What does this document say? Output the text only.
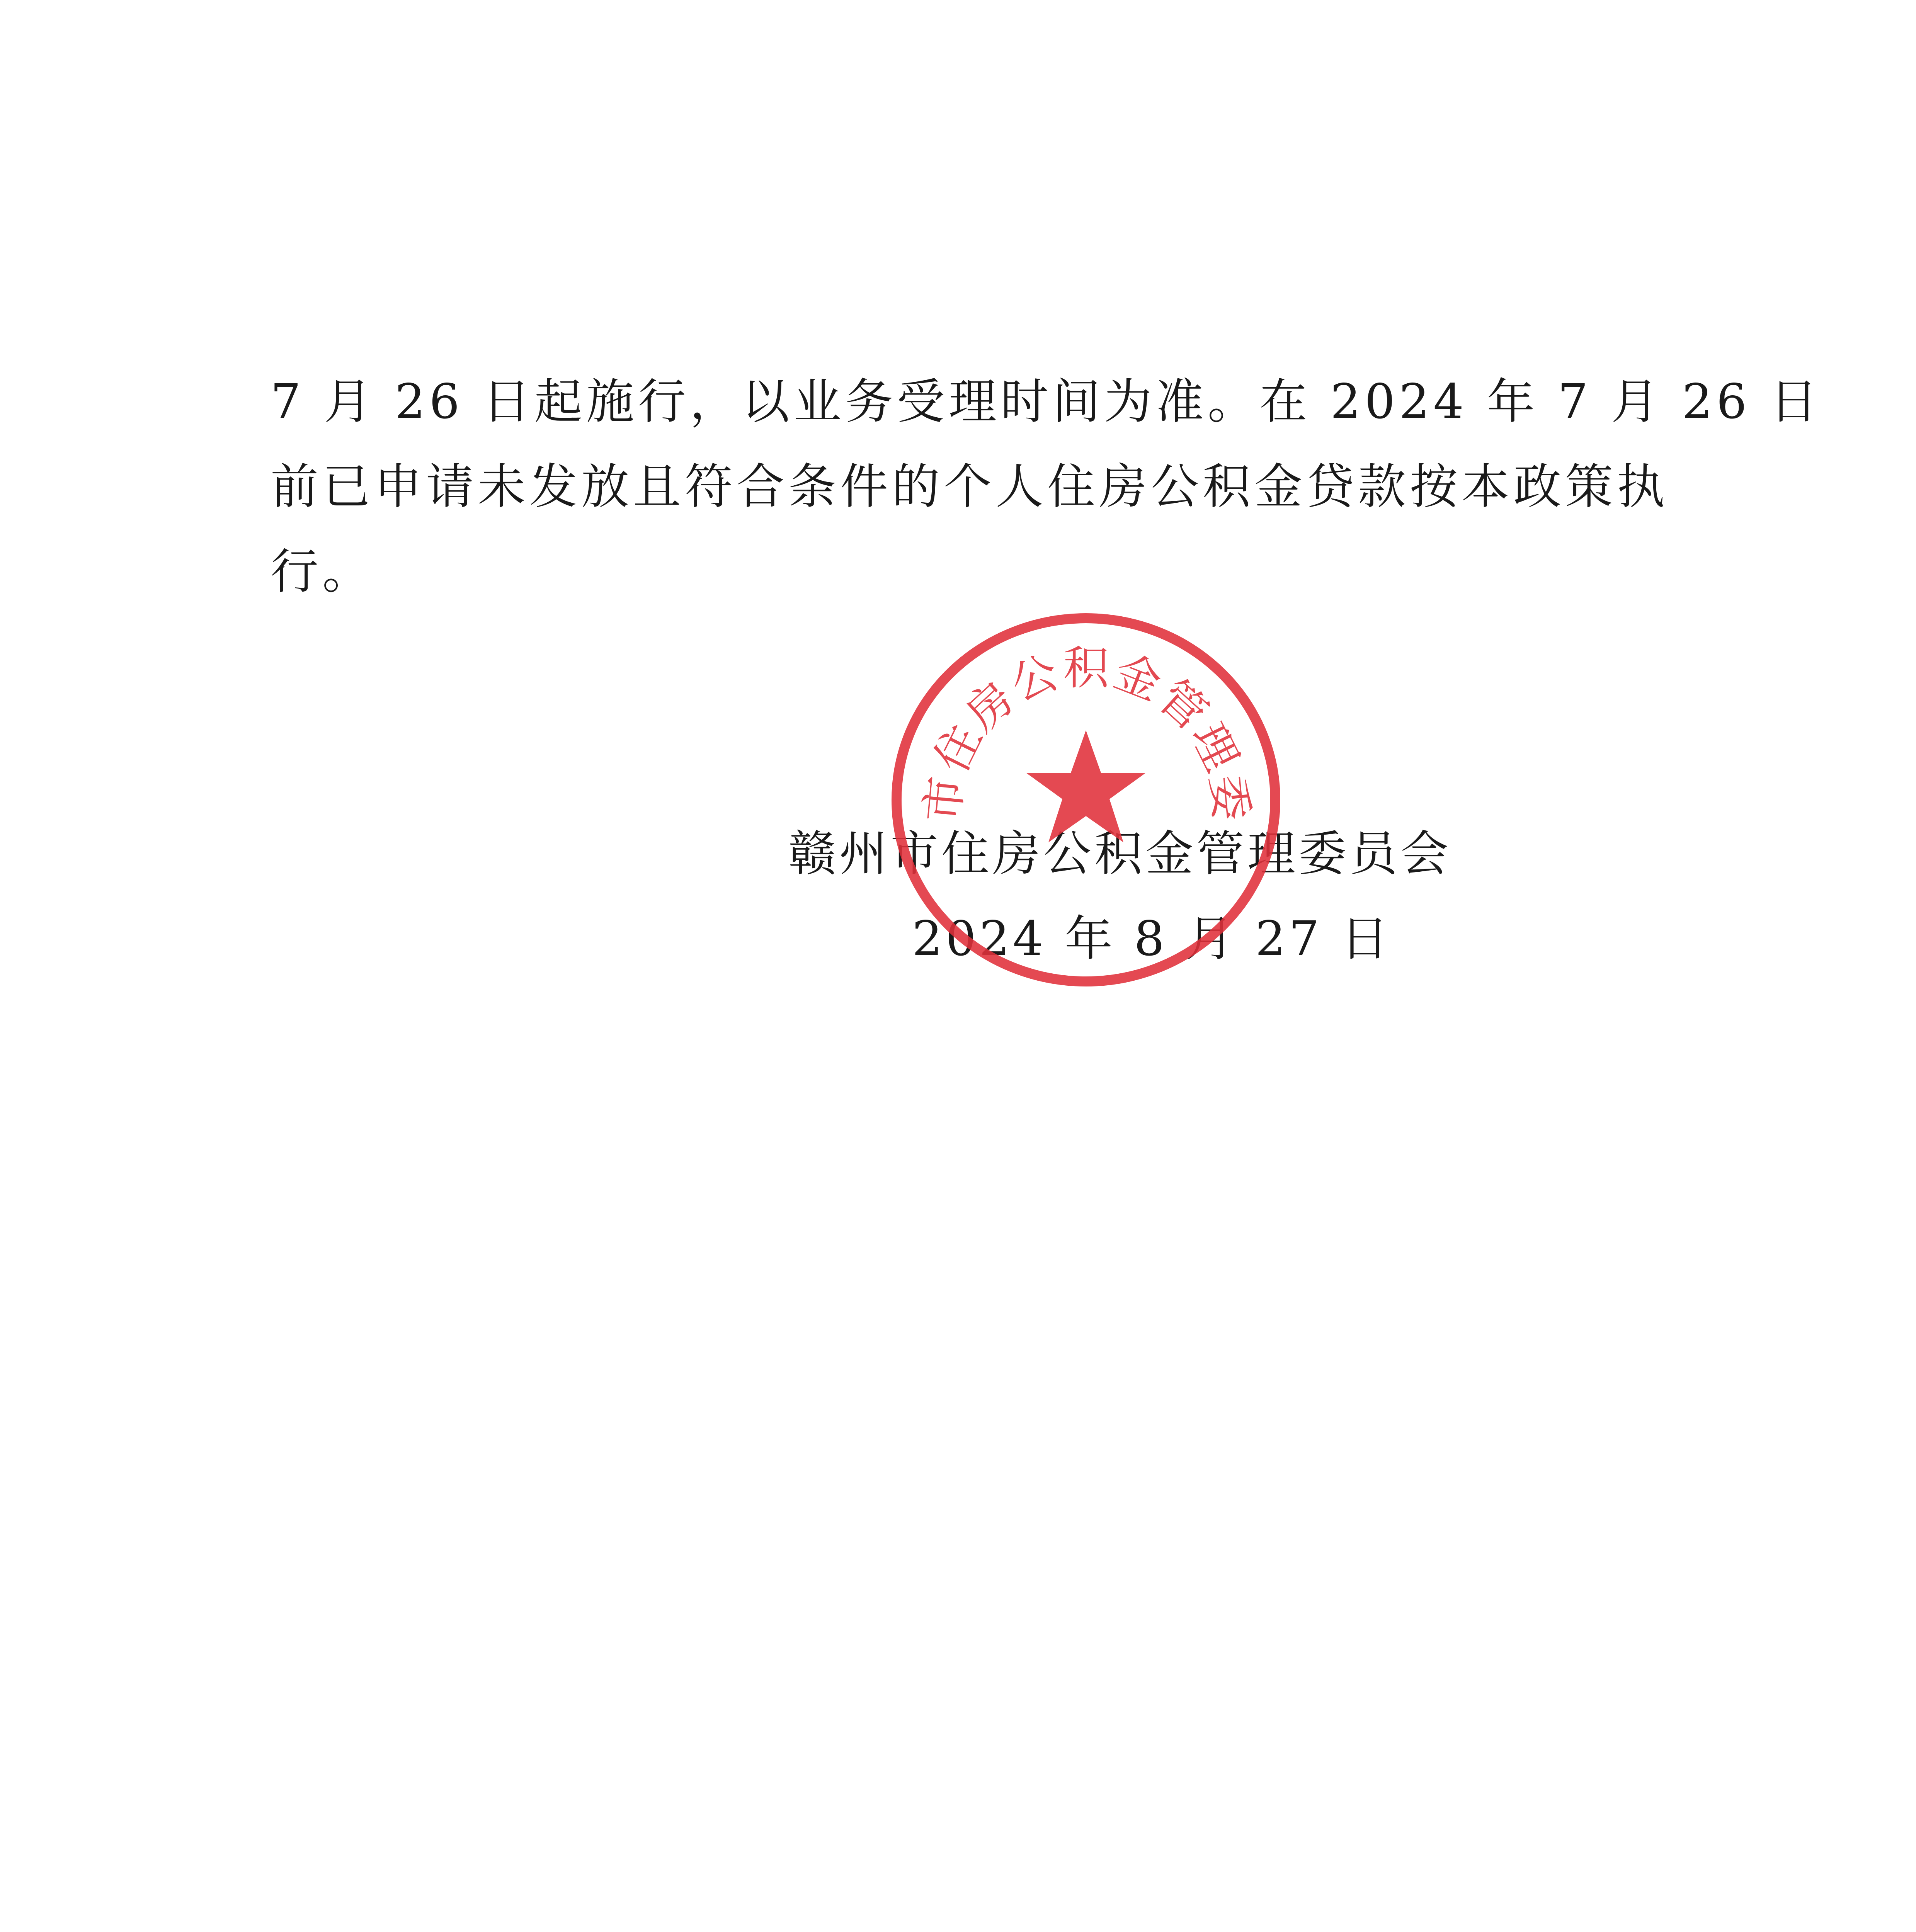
7 月 26 日起施行，以业务受理时间为准。在 2024 年 7 月 26 日

前已申请未发放且符合条件的个人住房公积金贷款按本政策执

行。

赣州市住房公积金管理委员会
2024 年 8 月 27 日
市住房公积金管理委
